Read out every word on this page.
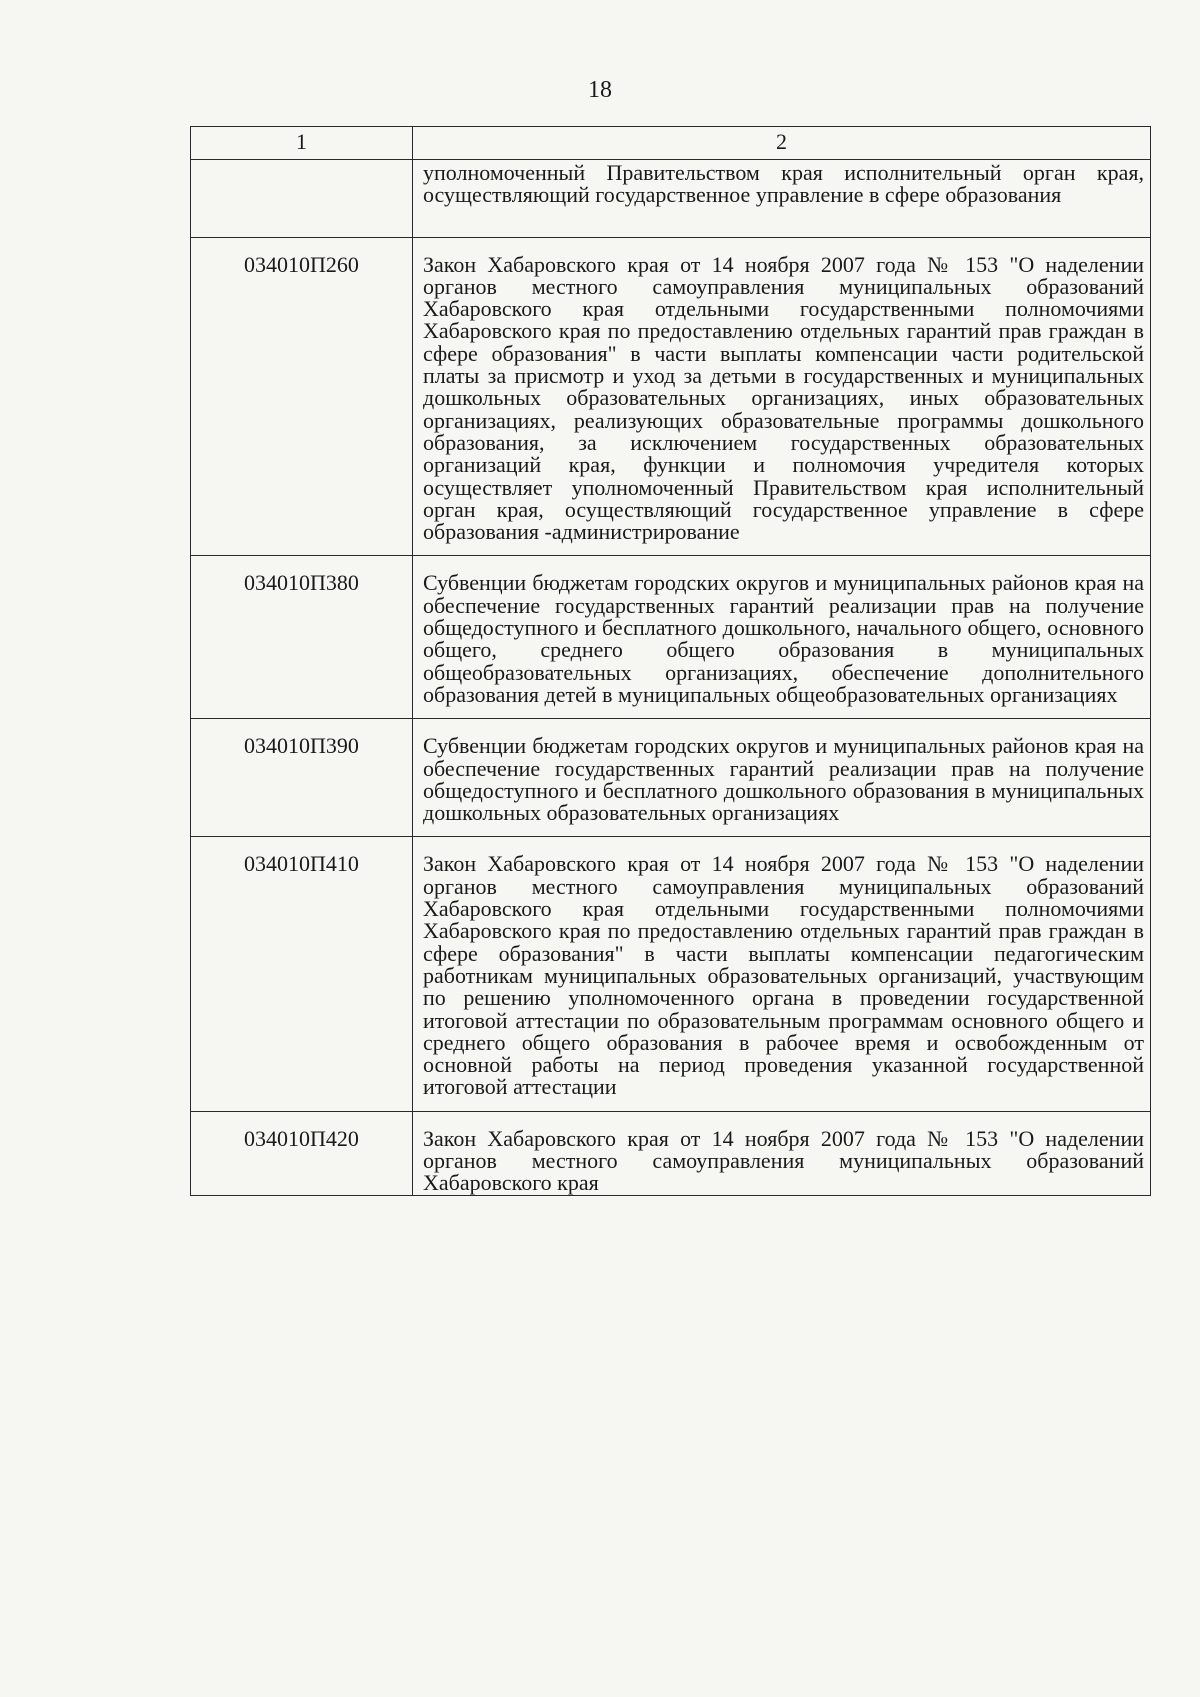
18
1	2
	уполномоченный Правительством края исполнительный орган края, осуществляющий государственное управление в сфере образования
034010П260	Закон Хабаровского края от 14 ноября 2007 года № 153 "О наделении органов местного самоуправления муниципальных образований Хабаровского края отдельными государственными полномочиями Хабаровского края по предоставлению отдельных гарантий прав граждан в сфере образования" в части выплаты компенсации части родительской платы за присмотр и уход за детьми в государственных и муниципальных дошкольных образовательных организациях, иных образовательных организациях, реализующих образовательные программы дошкольного образования, за исключением государственных образовательных организаций края, функции и полномочия учредителя которых осуществляет уполномоченный Правительством края исполнительный орган края, осуществляющий государственное управление в сфере образования -администрирование
034010П380	Субвенции бюджетам городских округов и муниципальных районов края на обеспечение государственных гарантий реализации прав на получение общедоступного и бесплатного дошкольного, начального общего, основного общего, среднего общего образования в муниципальных общеобразовательных организациях, обеспечение дополнительного образования детей в муниципальных общеобразовательных организациях
034010П390	Субвенции бюджетам городских округов и муниципальных районов края на обеспечение государственных гарантий реализации прав на получение общедоступного и бесплатного дошкольного образования в муниципальных дошкольных образовательных организациях
034010П410	Закон Хабаровского края от 14 ноября 2007 года № 153 "О наделении органов местного самоуправления муниципальных образований Хабаровского края отдельными государственными полномочиями Хабаровского края по предоставлению отдельных гарантий прав граждан в сфере образования" в части выплаты компенсации педагогическим работникам муниципальных образовательных организаций, участвующим по решению уполномоченного органа в проведении государственной итоговой аттестации по образовательным программам основного общего и среднего общего образования в рабочее время и освобожденным от основной работы на период проведения указанной государственной итоговой аттестации
034010П420	Закон Хабаровского края от 14 ноября 2007 года № 153 "О наделении органов местного самоуправления муниципальных образований Хабаровского края
